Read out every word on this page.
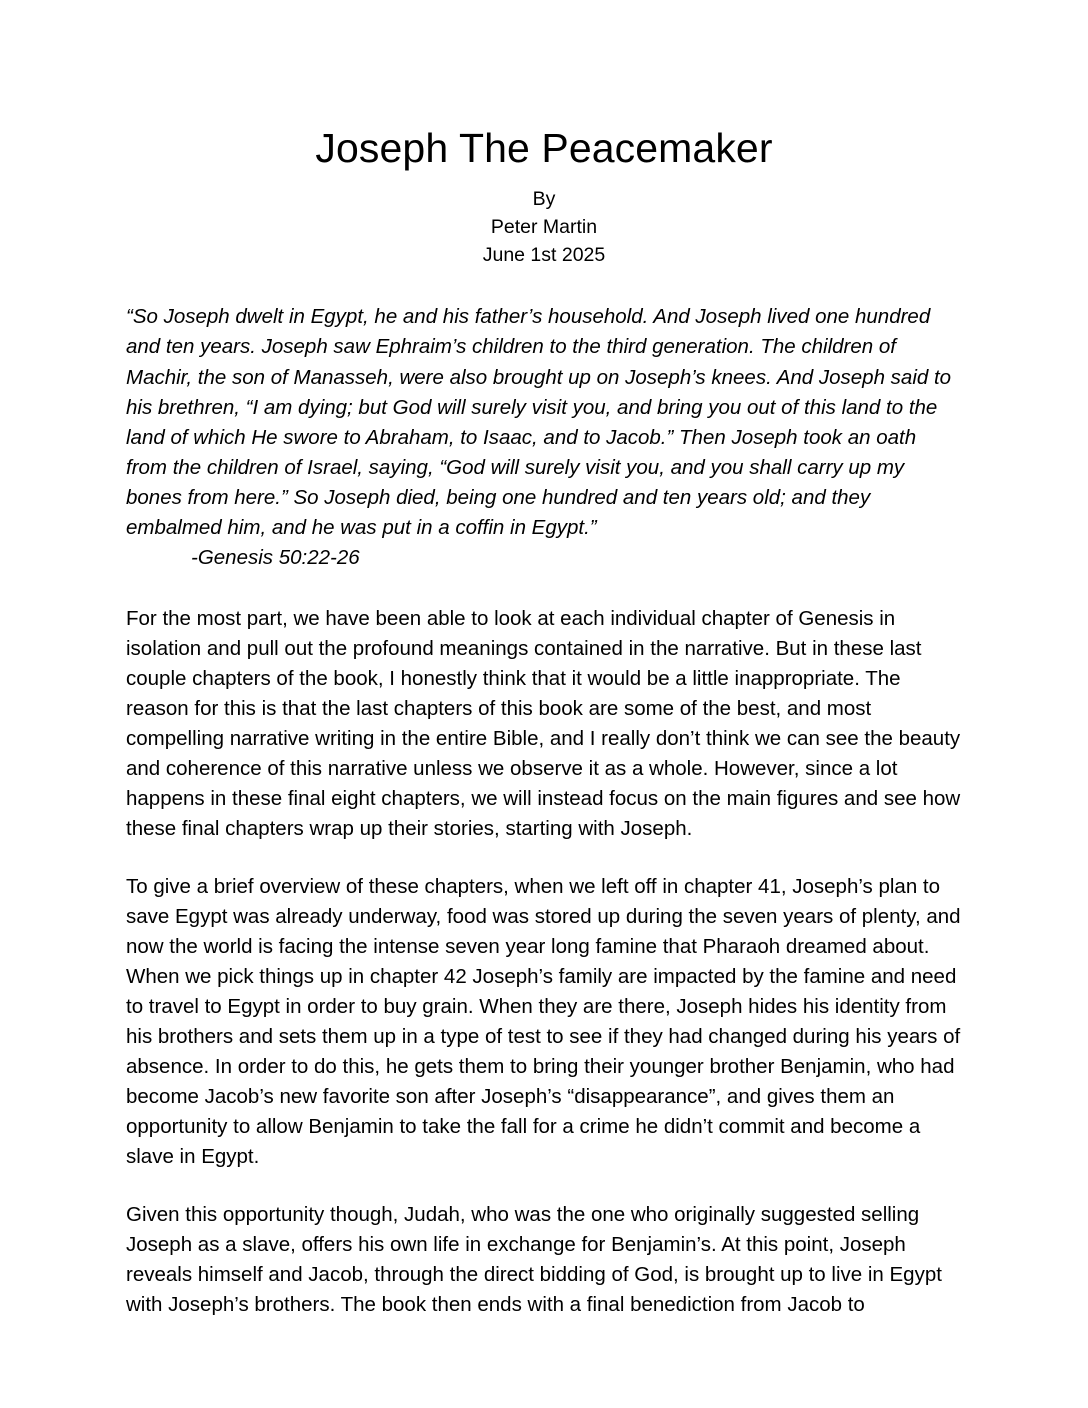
Joseph The Peacemaker
By
Peter Martin
June 1st 2025
“So Joseph dwelt in Egypt, he and his father’s household. And Joseph lived one hundred and ten years. Joseph saw Ephraim’s children to the third generation. The children of Machir, the son of Manasseh, were also brought up on Joseph’s knees. And Joseph said to his brethren, “I am dying; but God will surely visit you, and bring you out of this land to the land of which He swore to Abraham, to Isaac, and to Jacob.” Then Joseph took an oath from the children of Israel, saying, “God will surely visit you, and you shall carry up my bones from here.” So Joseph died, being one hundred and ten years old; and they embalmed him, and he was put in a coffin in Egypt.”
-Genesis 50:22-26

For the most part, we have been able to look at each individual chapter of Genesis in isolation and pull out the profound meanings contained in the narrative. But in these last couple chapters of the book, I honestly think that it would be a little inappropriate. The reason for this is that the last chapters of this book are some of the best, and most compelling narrative writing in the entire Bible, and I really don’t think we can see the beauty and coherence of this narrative unless we observe it as a whole. However, since a lot happens in these final eight chapters, we will instead focus on the main figures and see how these final chapters wrap up their stories, starting with Joseph.

To give a brief overview of these chapters, when we left off in chapter 41, Joseph’s plan to save Egypt was already underway, food was stored up during the seven years of plenty, and now the world is facing the intense seven year long famine that Pharaoh dreamed about. When we pick things up in chapter 42 Joseph’s family are impacted by the famine and need to travel to Egypt in order to buy grain. When they are there, Joseph hides his identity from his brothers and sets them up in a type of test to see if they had changed during his years of absence. In order to do this, he gets them to bring their younger brother Benjamin, who had become Jacob’s new favorite son after Joseph’s “disappearance”, and gives them an opportunity to allow Benjamin to take the fall for a crime he didn’t commit and become a slave in Egypt.

Given this opportunity though, Judah, who was the one who originally suggested selling Joseph as a slave, offers his own life in exchange for Benjamin’s. At this point, Joseph reveals himself and Jacob, through the direct bidding of God, is brought up to live in Egypt with Joseph’s brothers. The book then ends with a final benediction from Jacob to
